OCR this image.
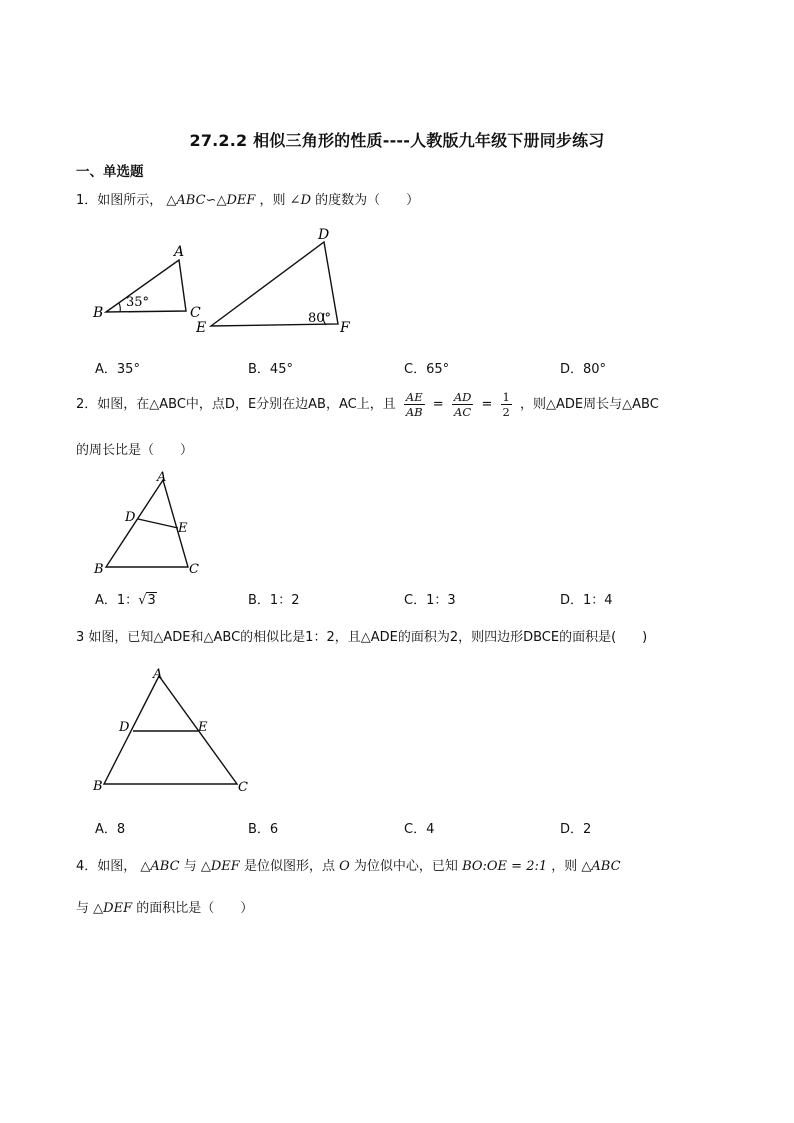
27.2.2 相似三角形的性质----人教版九年级下册同步练习
一、单选题
1．如图所示， △ABC∽△DEF ，则 ∠D 的度数为（　　）
A
B	C
35°
D
E	F
80°
A．35°	B．45°	C．65°	D．80°
2．如图，在△ABC中，点D，E分别在边AB，AC上，且 $\frac{AE}{AB} = \frac{AD}{AC} = \frac{1}{2}$ ，则△ADE周长与△ABC
的周长比是（　　）
A
D
E
B	C
A．1：√3	B．1：2	C．1：3	D．1：4
3 如图，已知△ADE和△ABC的相似比是1：2，且△ADE的面积为2，则四边形DBCE的面积是(　　)
A
D	E
B	C
A．8	B．6	C．4	D．2
4．如图， △ABC 与 △DEF 是位似图形，点 O 为位似中心，已知 BO:OE = 2:1 ，则 △ABC
与 △DEF 的面积比是（　　）
